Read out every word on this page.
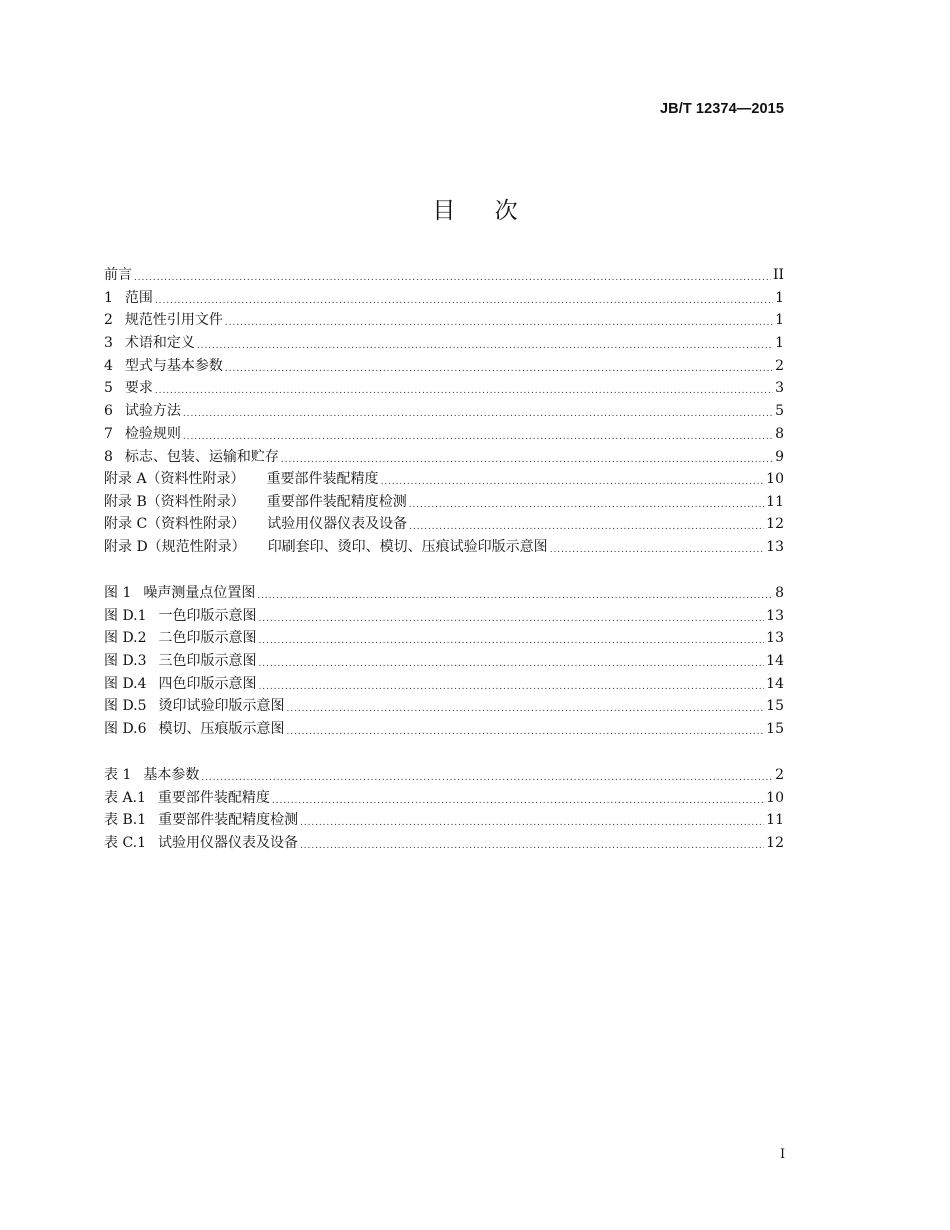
JB/T 12374—2015
目 次
前言 .....	II
1 范围 .....	1
2 规范性引用文件 .....	1
3 术语和定义 .....	1
4 型式与基本参数 .....	2
5 要求 .....	3
6 试验方法 .....	5
7 检验规则 .....	8
8 标志、包装、运输和贮存 .....	9
附录 A（资料性附录） 重要部件装配精度 .....	10
附录 B（资料性附录） 重要部件装配精度检测 .....	11
附录 C（资料性附录） 试验用仪器仪表及设备 .....	12
附录 D（规范性附录） 印刷套印、烫印、模切、压痕试验印版示意图 .....	13
图 1 噪声测量点位置图 .....	8
图 D.1 一色印版示意图 .....	13
图 D.2 二色印版示意图 .....	13
图 D.3 三色印版示意图 .....	14
图 D.4 四色印版示意图 .....	14
图 D.5 烫印试验印版示意图 .....	15
图 D.6 模切、压痕版示意图 .....	15
表 1 基本参数 .....	2
表 A.1 重要部件装配精度 .....	10
表 B.1 重要部件装配精度检测 .....	11
表 C.1 试验用仪器仪表及设备 .....	12
I
